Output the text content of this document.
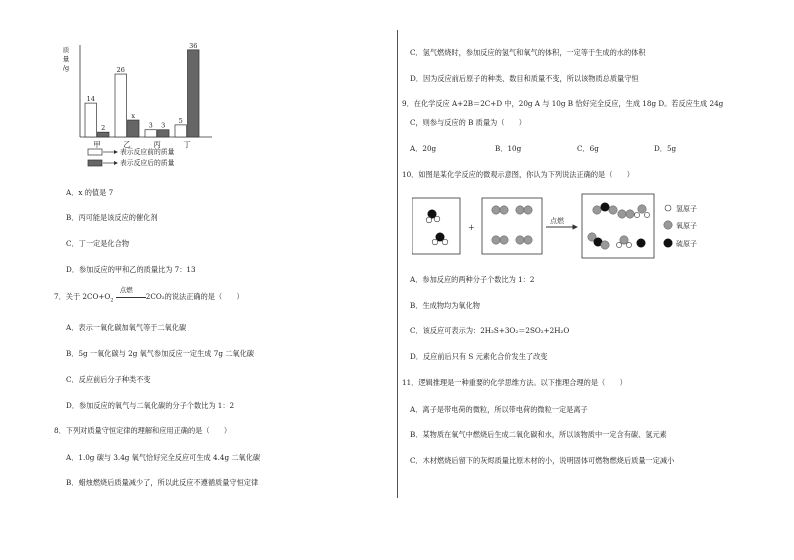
质
量
/g
14
2
甲
26
x
乙
3 3
丙
5
36
丁
表示反应前的质量
表示反应后的质量
A．x 的值是 7
B．丙可能是该反应的催化剂
C．丁一定是化合物
D．参加反应的甲和乙的质量比为 7：13
7．关于 $2CO+O_2$
点燃
2CO₂的说法正确的是（　　）
A．表示一氧化碳加氧气等于二氧化碳
B．5g 一氧化碳与 2g 氧气参加反应一定生成 7g 二氧化碳
C．反应前后分子种类不变
D．参加反应的氧气与二氧化碳的分子个数比为 1：2
8．下列对质量守恒定律的理解和应用正确的是（　　）
A．1.0g 碳与 3.4g 氧气恰好完全反应可生成 4.4g 二氧化碳
B．蜡烛燃烧后质量减少了，所以此反应不遵循质量守恒定律
C．氢气燃烧时，参加反应的氢气和氧气的体积，一定等于生成的水的体积
D．因为反应前后原子的种类、数目和质量不变，所以该物质总质量守恒
9．在化学反应 A+2B＝2C+D 中，20g A 与 10g B 恰好完全反应，生成 18g D。若反应生成 24g
C，则参与反应的 B 质量为（　　）
A．20g	B．10g	C．6g	D．5g
10．如图是某化学反应的微观示意图，你认为下列说法正确的是（　　）
+
点燃
氢原子
氧原子
硫原子
A．参加反应的两种分子个数比为 1：2
B．生成物均为氧化物
C．该反应可表示为：2H₂S+3O₂＝2SO₂+2H₂O
D．反应前后只有 S 元素化合价发生了改变
11．逻辑推理是一种重要的化学思维方法。以下推理合理的是（　　）
A．离子是带电荷的微粒，所以带电荷的微粒一定是离子
B．某物质在氧气中燃烧后生成二氧化碳和水，所以该物质中一定含有碳、氢元素
C．木材燃烧后留下的灰烬质量比原木材的小，说明固体可燃物燃烧后质量一定减小
